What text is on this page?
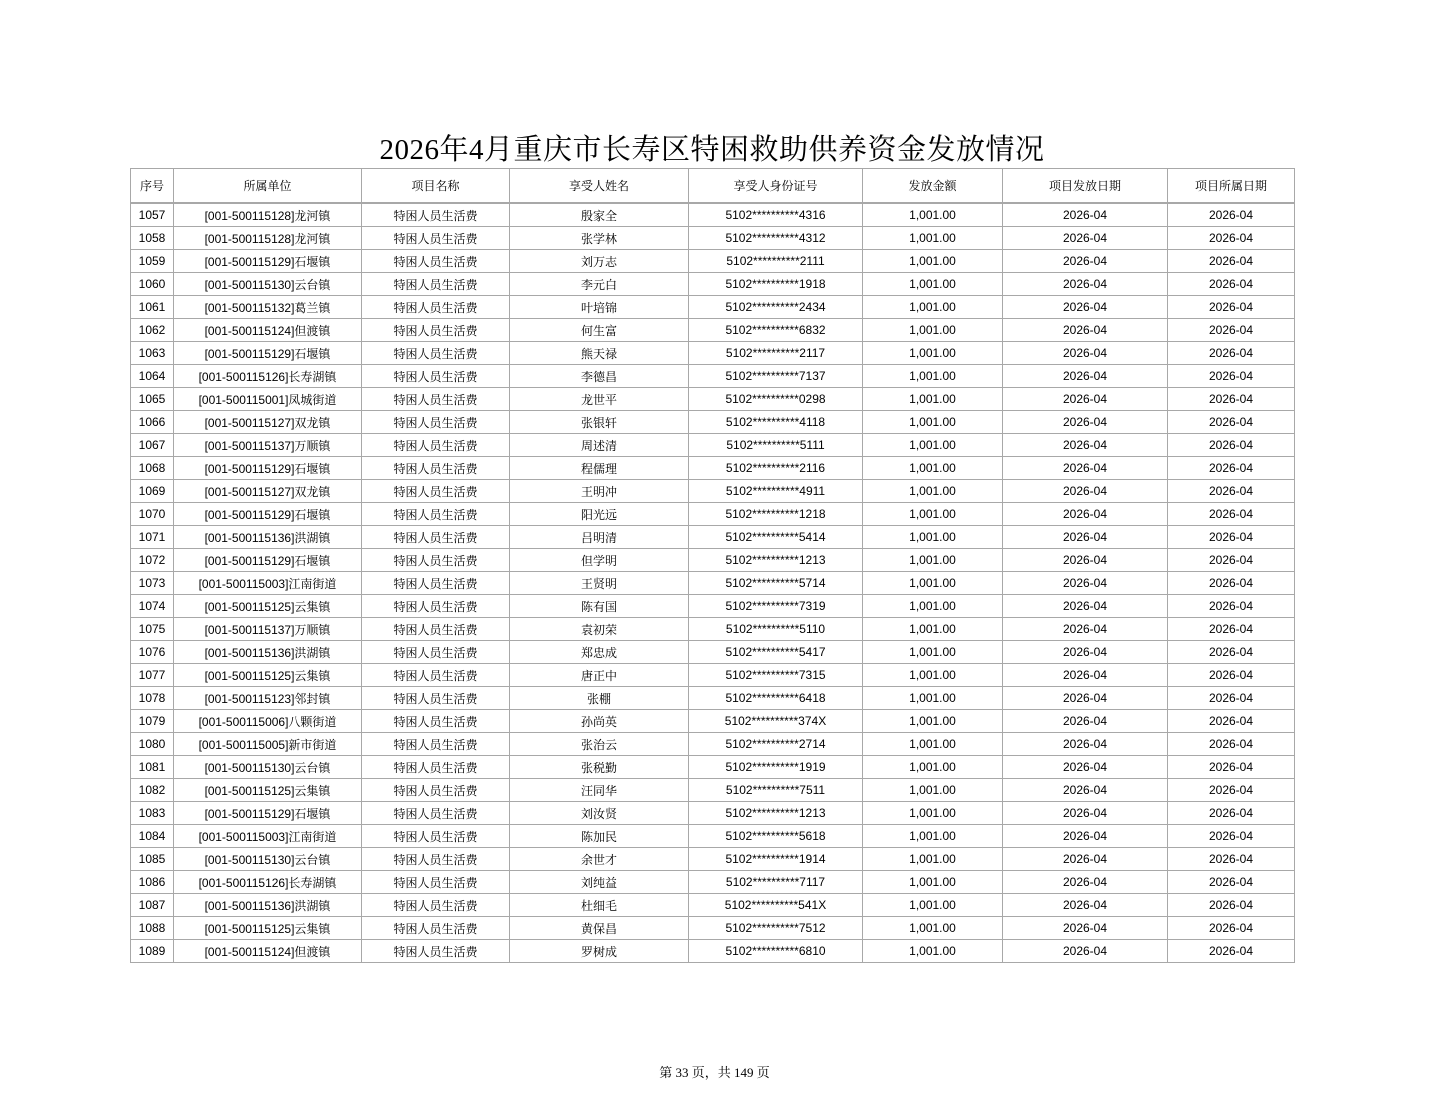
2026年4月重庆市长寿区特困救助供养资金发放情况
序号	所属单位	项目名称	享受人姓名	享受人身份证号	发放金额	项目发放日期	项目所属日期
1057	[001-500115128]龙河镇	特困人员生活费	殷家全	5102**********4316	1,001.00	2026-04	2026-04
1058	[001-500115128]龙河镇	特困人员生活费	张学林	5102**********4312	1,001.00	2026-04	2026-04
1059	[001-500115129]石堰镇	特困人员生活费	刘万志	5102**********2111	1,001.00	2026-04	2026-04
1060	[001-500115130]云台镇	特困人员生活费	李元白	5102**********1918	1,001.00	2026-04	2026-04
1061	[001-500115132]葛兰镇	特困人员生活费	叶培锦	5102**********2434	1,001.00	2026-04	2026-04
1062	[001-500115124]但渡镇	特困人员生活费	何生富	5102**********6832	1,001.00	2026-04	2026-04
1063	[001-500115129]石堰镇	特困人员生活费	熊天禄	5102**********2117	1,001.00	2026-04	2026-04
1064	[001-500115126]长寿湖镇	特困人员生活费	李德昌	5102**********7137	1,001.00	2026-04	2026-04
1065	[001-500115001]凤城街道	特困人员生活费	龙世平	5102**********0298	1,001.00	2026-04	2026-04
1066	[001-500115127]双龙镇	特困人员生活费	张银轩	5102**********4118	1,001.00	2026-04	2026-04
1067	[001-500115137]万顺镇	特困人员生活费	周述清	5102**********5111	1,001.00	2026-04	2026-04
1068	[001-500115129]石堰镇	特困人员生活费	程儒理	5102**********2116	1,001.00	2026-04	2026-04
1069	[001-500115127]双龙镇	特困人员生活费	王明冲	5102**********4911	1,001.00	2026-04	2026-04
1070	[001-500115129]石堰镇	特困人员生活费	阳光远	5102**********1218	1,001.00	2026-04	2026-04
1071	[001-500115136]洪湖镇	特困人员生活费	吕明清	5102**********5414	1,001.00	2026-04	2026-04
1072	[001-500115129]石堰镇	特困人员生活费	但学明	5102**********1213	1,001.00	2026-04	2026-04
1073	[001-500115003]江南街道	特困人员生活费	王贤明	5102**********5714	1,001.00	2026-04	2026-04
1074	[001-500115125]云集镇	特困人员生活费	陈有国	5102**********7319	1,001.00	2026-04	2026-04
1075	[001-500115137]万顺镇	特困人员生活费	袁初荣	5102**********5110	1,001.00	2026-04	2026-04
1076	[001-500115136]洪湖镇	特困人员生活费	郑忠成	5102**********5417	1,001.00	2026-04	2026-04
1077	[001-500115125]云集镇	特困人员生活费	唐正中	5102**********7315	1,001.00	2026-04	2026-04
1078	[001-500115123]邻封镇	特困人员生活费	张棚	5102**********6418	1,001.00	2026-04	2026-04
1079	[001-500115006]八颗街道	特困人员生活费	孙尚英	5102**********374X	1,001.00	2026-04	2026-04
1080	[001-500115005]新市街道	特困人员生活费	张治云	5102**********2714	1,001.00	2026-04	2026-04
1081	[001-500115130]云台镇	特困人员生活费	张税勤	5102**********1919	1,001.00	2026-04	2026-04
1082	[001-500115125]云集镇	特困人员生活费	汪同华	5102**********7511	1,001.00	2026-04	2026-04
1083	[001-500115129]石堰镇	特困人员生活费	刘汝贤	5102**********1213	1,001.00	2026-04	2026-04
1084	[001-500115003]江南街道	特困人员生活费	陈加民	5102**********5618	1,001.00	2026-04	2026-04
1085	[001-500115130]云台镇	特困人员生活费	余世才	5102**********1914	1,001.00	2026-04	2026-04
1086	[001-500115126]长寿湖镇	特困人员生活费	刘纯益	5102**********7117	1,001.00	2026-04	2026-04
1087	[001-500115136]洪湖镇	特困人员生活费	杜细毛	5102**********541X	1,001.00	2026-04	2026-04
1088	[001-500115125]云集镇	特困人员生活费	黄保昌	5102**********7512	1,001.00	2026-04	2026-04
1089	[001-500115124]但渡镇	特困人员生活费	罗树成	5102**********6810	1,001.00	2026-04	2026-04
第 33 页，共 149 页
